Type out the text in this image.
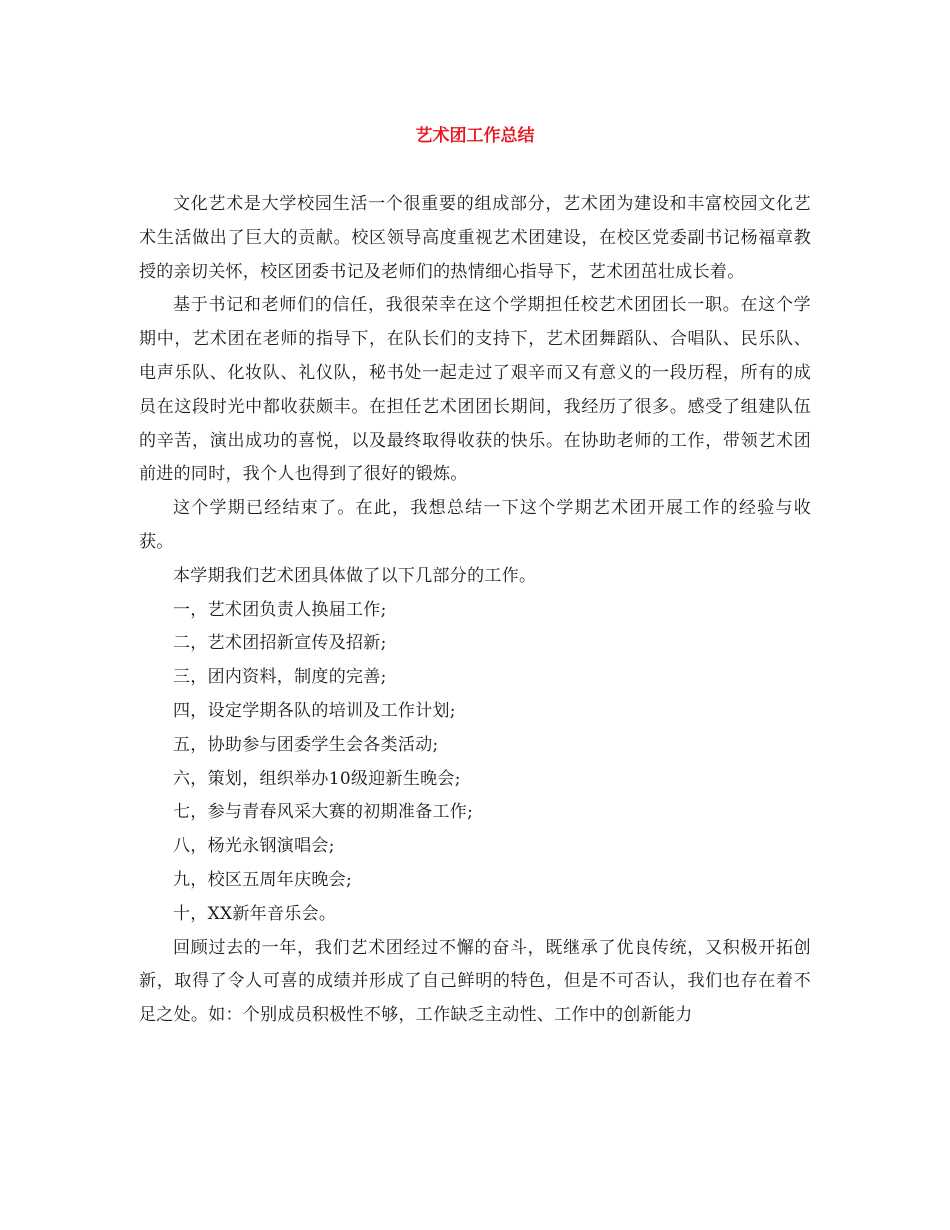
艺术团工作总结

文化艺术是大学校园生活一个很重要的组成部分，艺术团为建设和丰富校园文化艺术生活做出了巨大的贡献。校区领导高度重视艺术团建设，在校区党委副书记杨福章教授的亲切关怀，校区团委书记及老师们的热情细心指导下，艺术团茁壮成长着。

基于书记和老师们的信任，我很荣幸在这个学期担任校艺术团团长一职。在这个学期中，艺术团在老师的指导下，在队长们的支持下，艺术团舞蹈队、合唱队、民乐队、电声乐队、化妆队、礼仪队，秘书处一起走过了艰辛而又有意义的一段历程，所有的成员在这段时光中都收获颇丰。在担任艺术团团长期间，我经历了很多。感受了组建队伍的辛苦，演出成功的喜悦，以及最终取得收获的快乐。在协助老师的工作，带领艺术团前进的同时，我个人也得到了很好的锻炼。

这个学期已经结束了。在此，我想总结一下这个学期艺术团开展工作的经验与收获。

本学期我们艺术团具体做了以下几部分的工作。

一，艺术团负责人换届工作;

二，艺术团招新宣传及招新;

三，团内资料，制度的完善;

四，设定学期各队的培训及工作计划;

五，协助参与团委学生会各类活动;

六，策划，组织举办10级迎新生晚会;

七，参与青春风采大赛的初期准备工作;

八，杨光永钢演唱会;

九，校区五周年庆晚会;

十，XX新年音乐会。

回顾过去的一年，我们艺术团经过不懈的奋斗，既继承了优良传统，又积极开拓创新，取得了令人可喜的成绩并形成了自己鲜明的特色，但是不可否认，我们也存在着不足之处。如：个别成员积极性不够，工作缺乏主动性、工作中的创新能力
